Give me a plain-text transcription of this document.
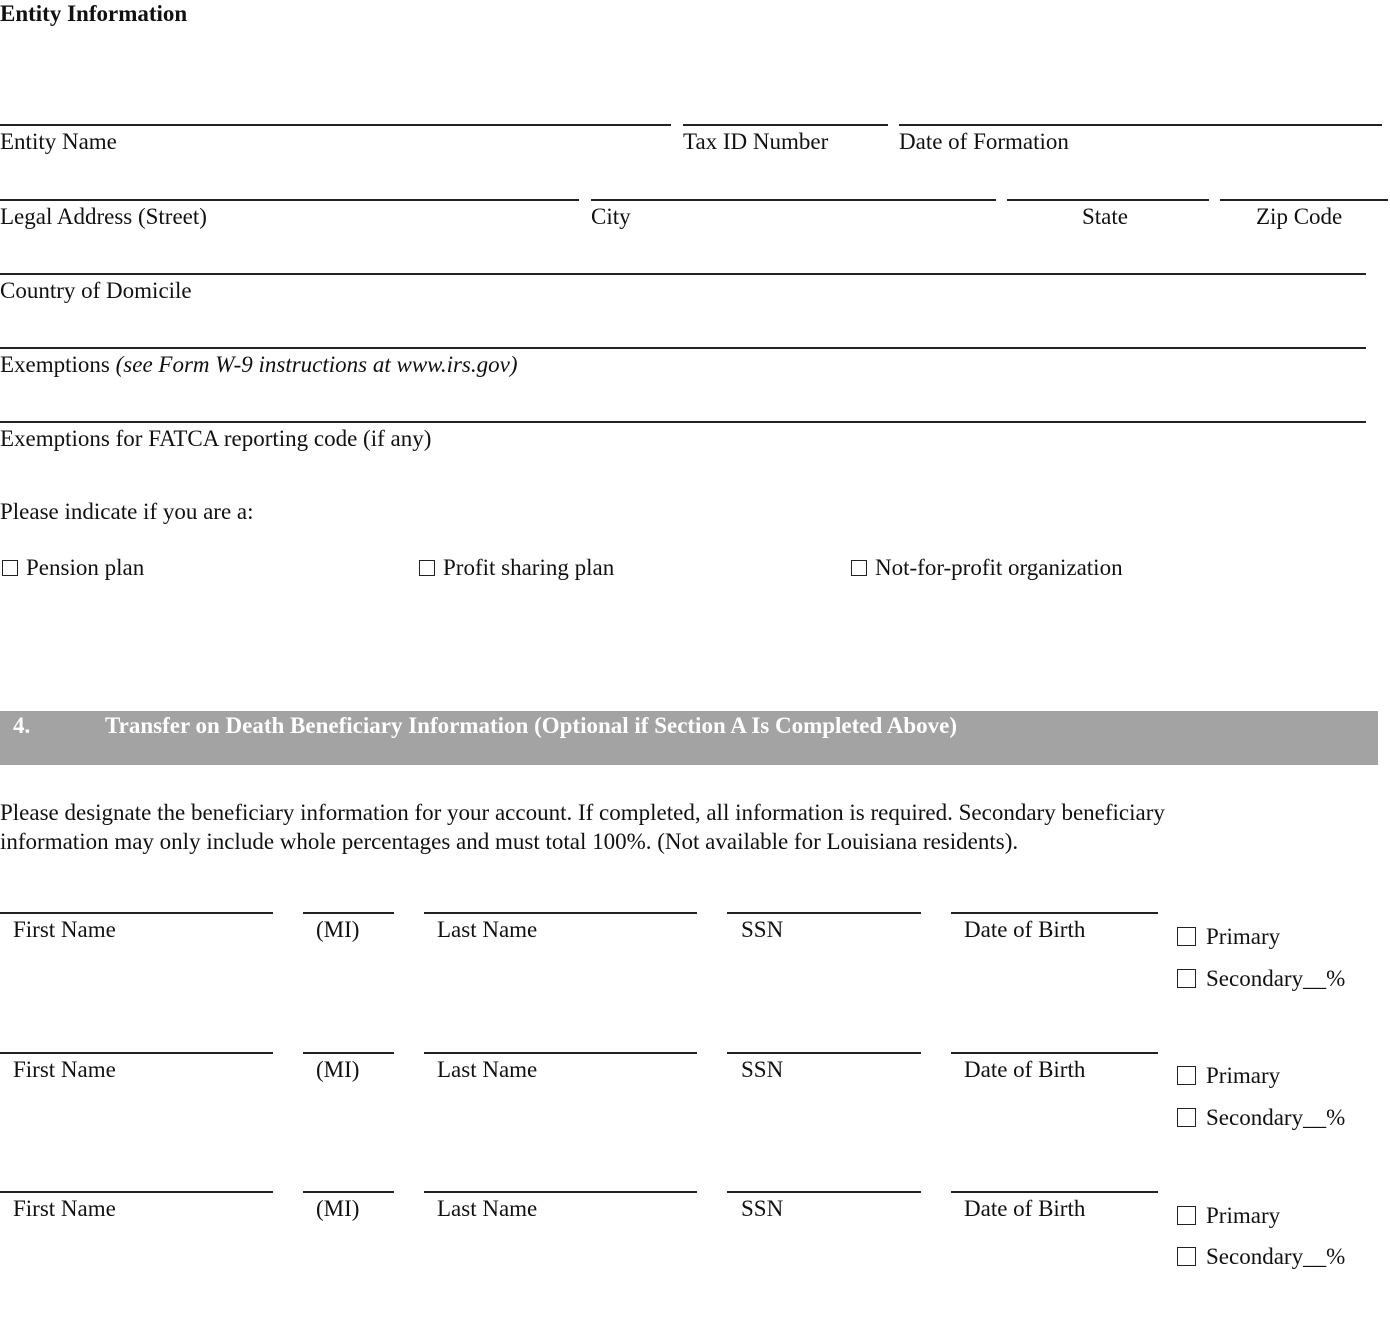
Entity Information
Entity Name	Tax ID Number	Date of Formation
Legal Address (Street)	City	State	Zip Code
Country of Domicile
Exemptions (see Form W-9 instructions at www.irs.gov)
Exemptions for FATCA reporting code (if any)
Please indicate if you are a:
Pension plan	Profit sharing plan	Not-for-profit organization
4.	Transfer on Death Beneficiary Information (Optional if Section A Is Completed Above)
Please designate the beneficiary information for your account. If completed, all information is required. Secondary beneficiary
information may only include whole percentages and must total 100%. (Not available for Louisiana residents).
First Name	(MI)	Last Name	SSN	Date of Birth	Primary
Secondary__%
First Name	(MI)	Last Name	SSN	Date of Birth	Primary
Secondary__%
First Name	(MI)	Last Name	SSN	Date of Birth	Primary
Secondary__%
